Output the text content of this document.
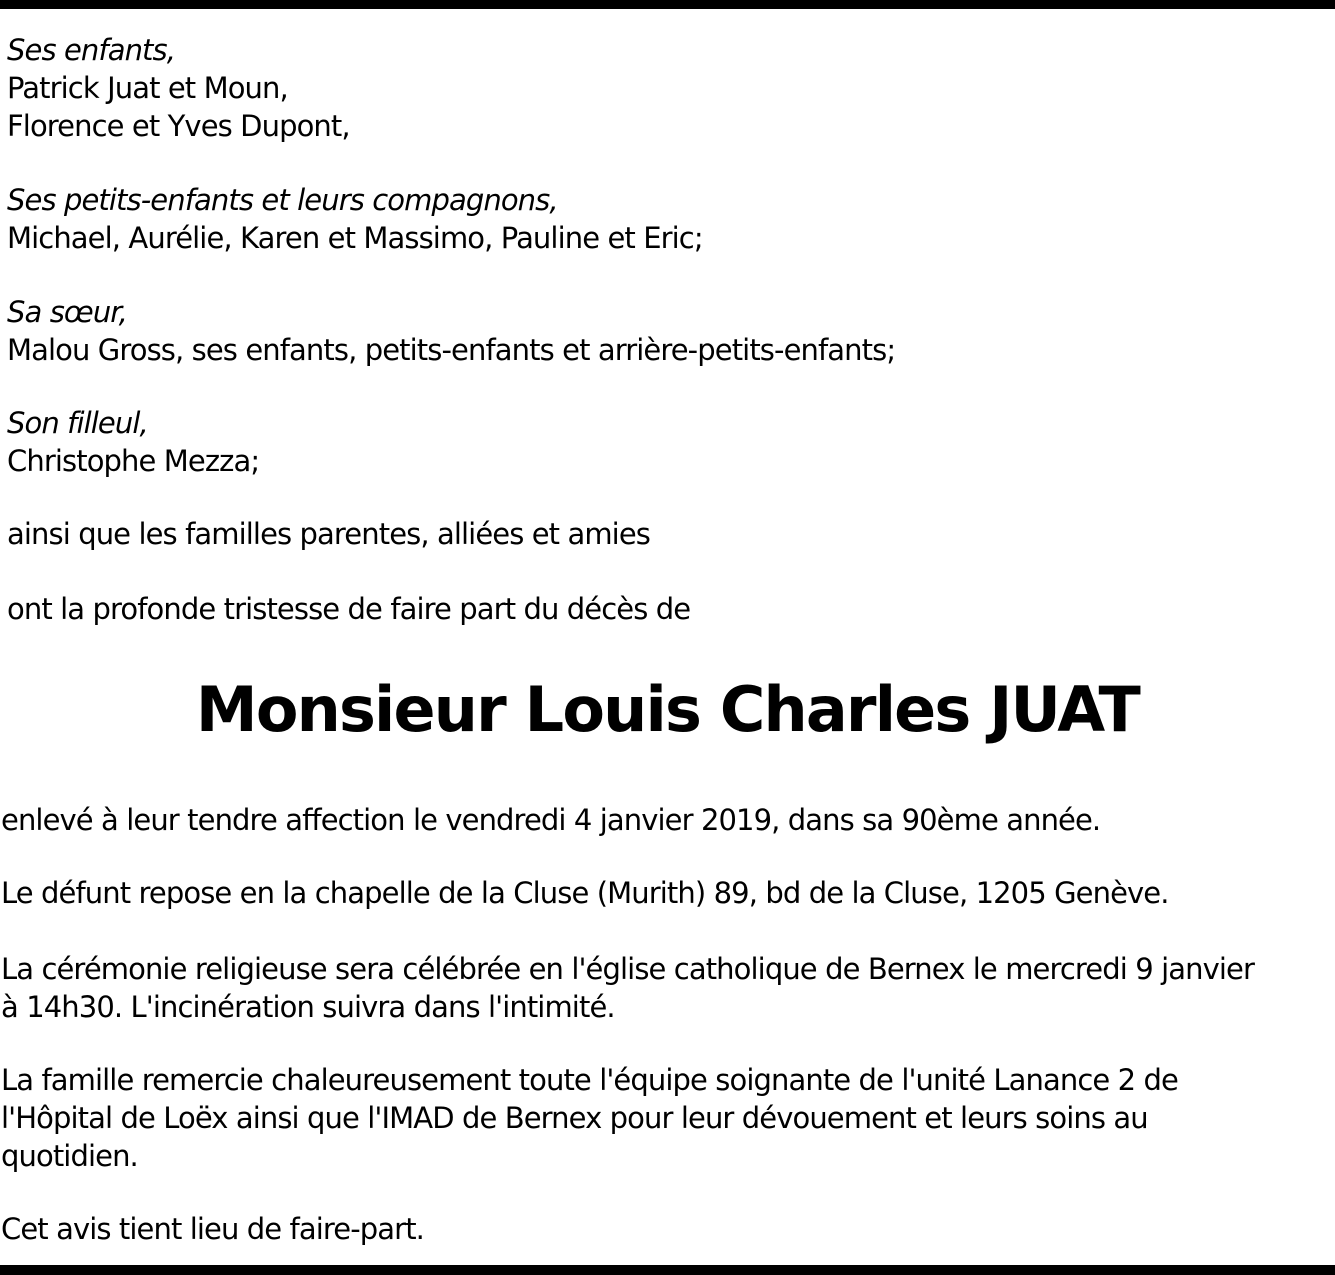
Ses enfants,
Patrick Juat et Moun,
Florence et Yves Dupont,
Ses petits-enfants et leurs compagnons,
Michael, Aurélie, Karen et Massimo, Pauline et Eric;
Sa sœur,
Malou Gross, ses enfants, petits-enfants et arrière-petits-enfants;
Son filleul,
Christophe Mezza;
ainsi que les familles parentes, alliées et amies
ont la profonde tristesse de faire part du décès de
Monsieur Louis Charles JUAT
enlevé à leur tendre affection le vendredi 4 janvier 2019, dans sa 90ème année.
Le défunt repose en la chapelle de la Cluse (Murith) 89, bd de la Cluse, 1205 Genève.
La cérémonie religieuse sera célébrée en l'église catholique de Bernex le mercredi 9 janvier
à 14h30. L'incinération suivra dans l'intimité.
La famille remercie chaleureusement toute l'équipe soignante de l'unité Lanance 2 de
l'Hôpital de Loëx ainsi que l'IMAD de Bernex pour leur dévouement et leurs soins au
quotidien.
Cet avis tient lieu de faire-part.
